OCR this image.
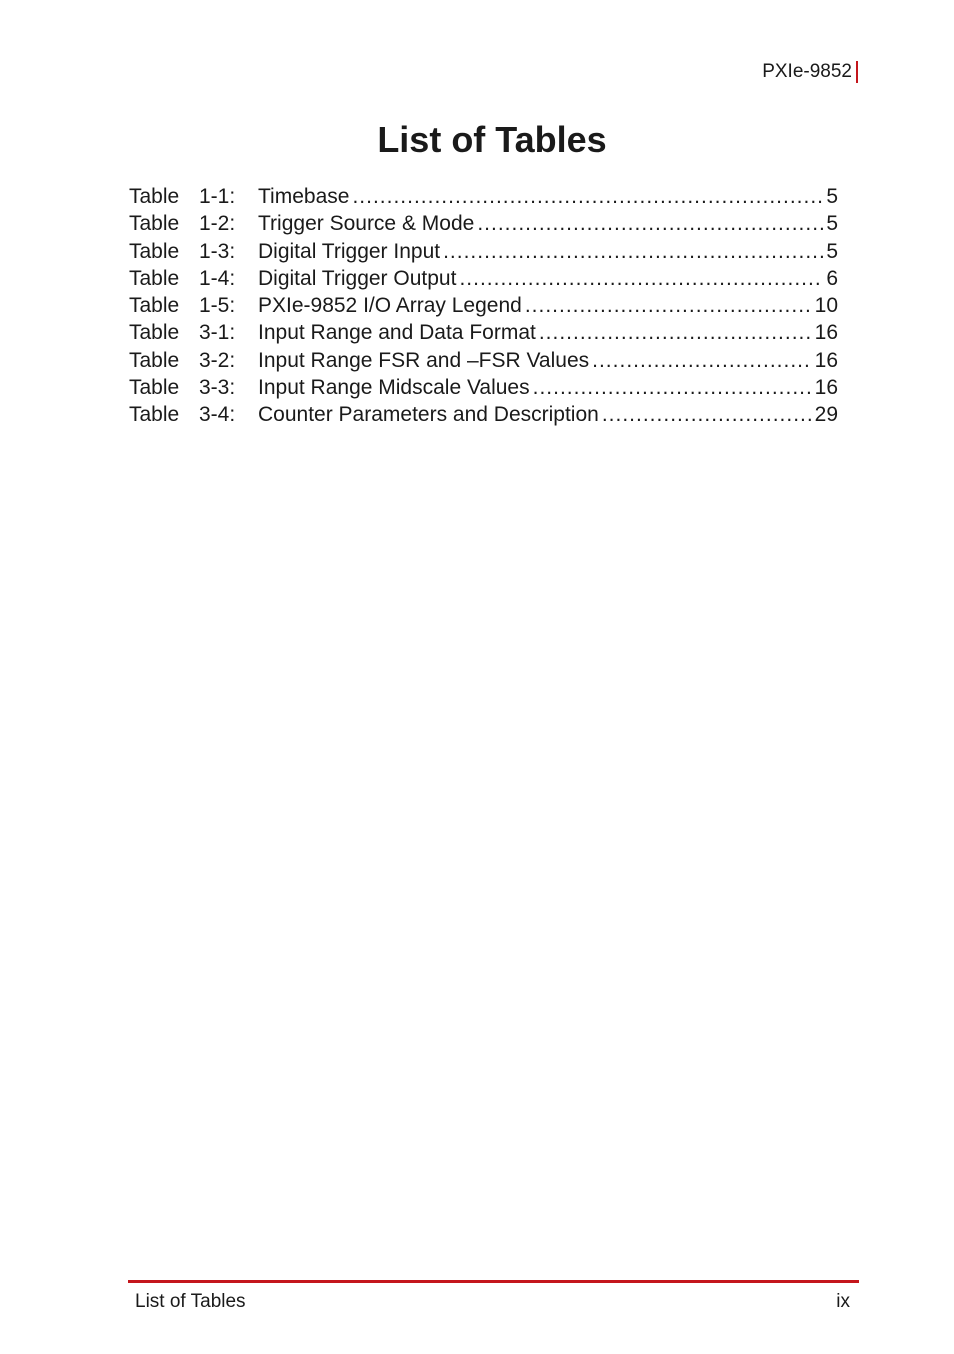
PXIe-9852
List of Tables
Table 1-1: Timebase .....	5
Table 1-2: Trigger Source & Mode .....	5
Table 1-3: Digital Trigger Input .....	5
Table 1-4: Digital Trigger Output .....	6
Table 1-5: PXIe-9852 I/O Array Legend .....	10
Table 3-1: Input Range and Data Format .....	16
Table 3-2: Input Range FSR and –FSR Values .....	16
Table 3-3: Input Range Midscale Values .....	16
Table 3-4: Counter Parameters and Description .....	29
List of Tables	ix
